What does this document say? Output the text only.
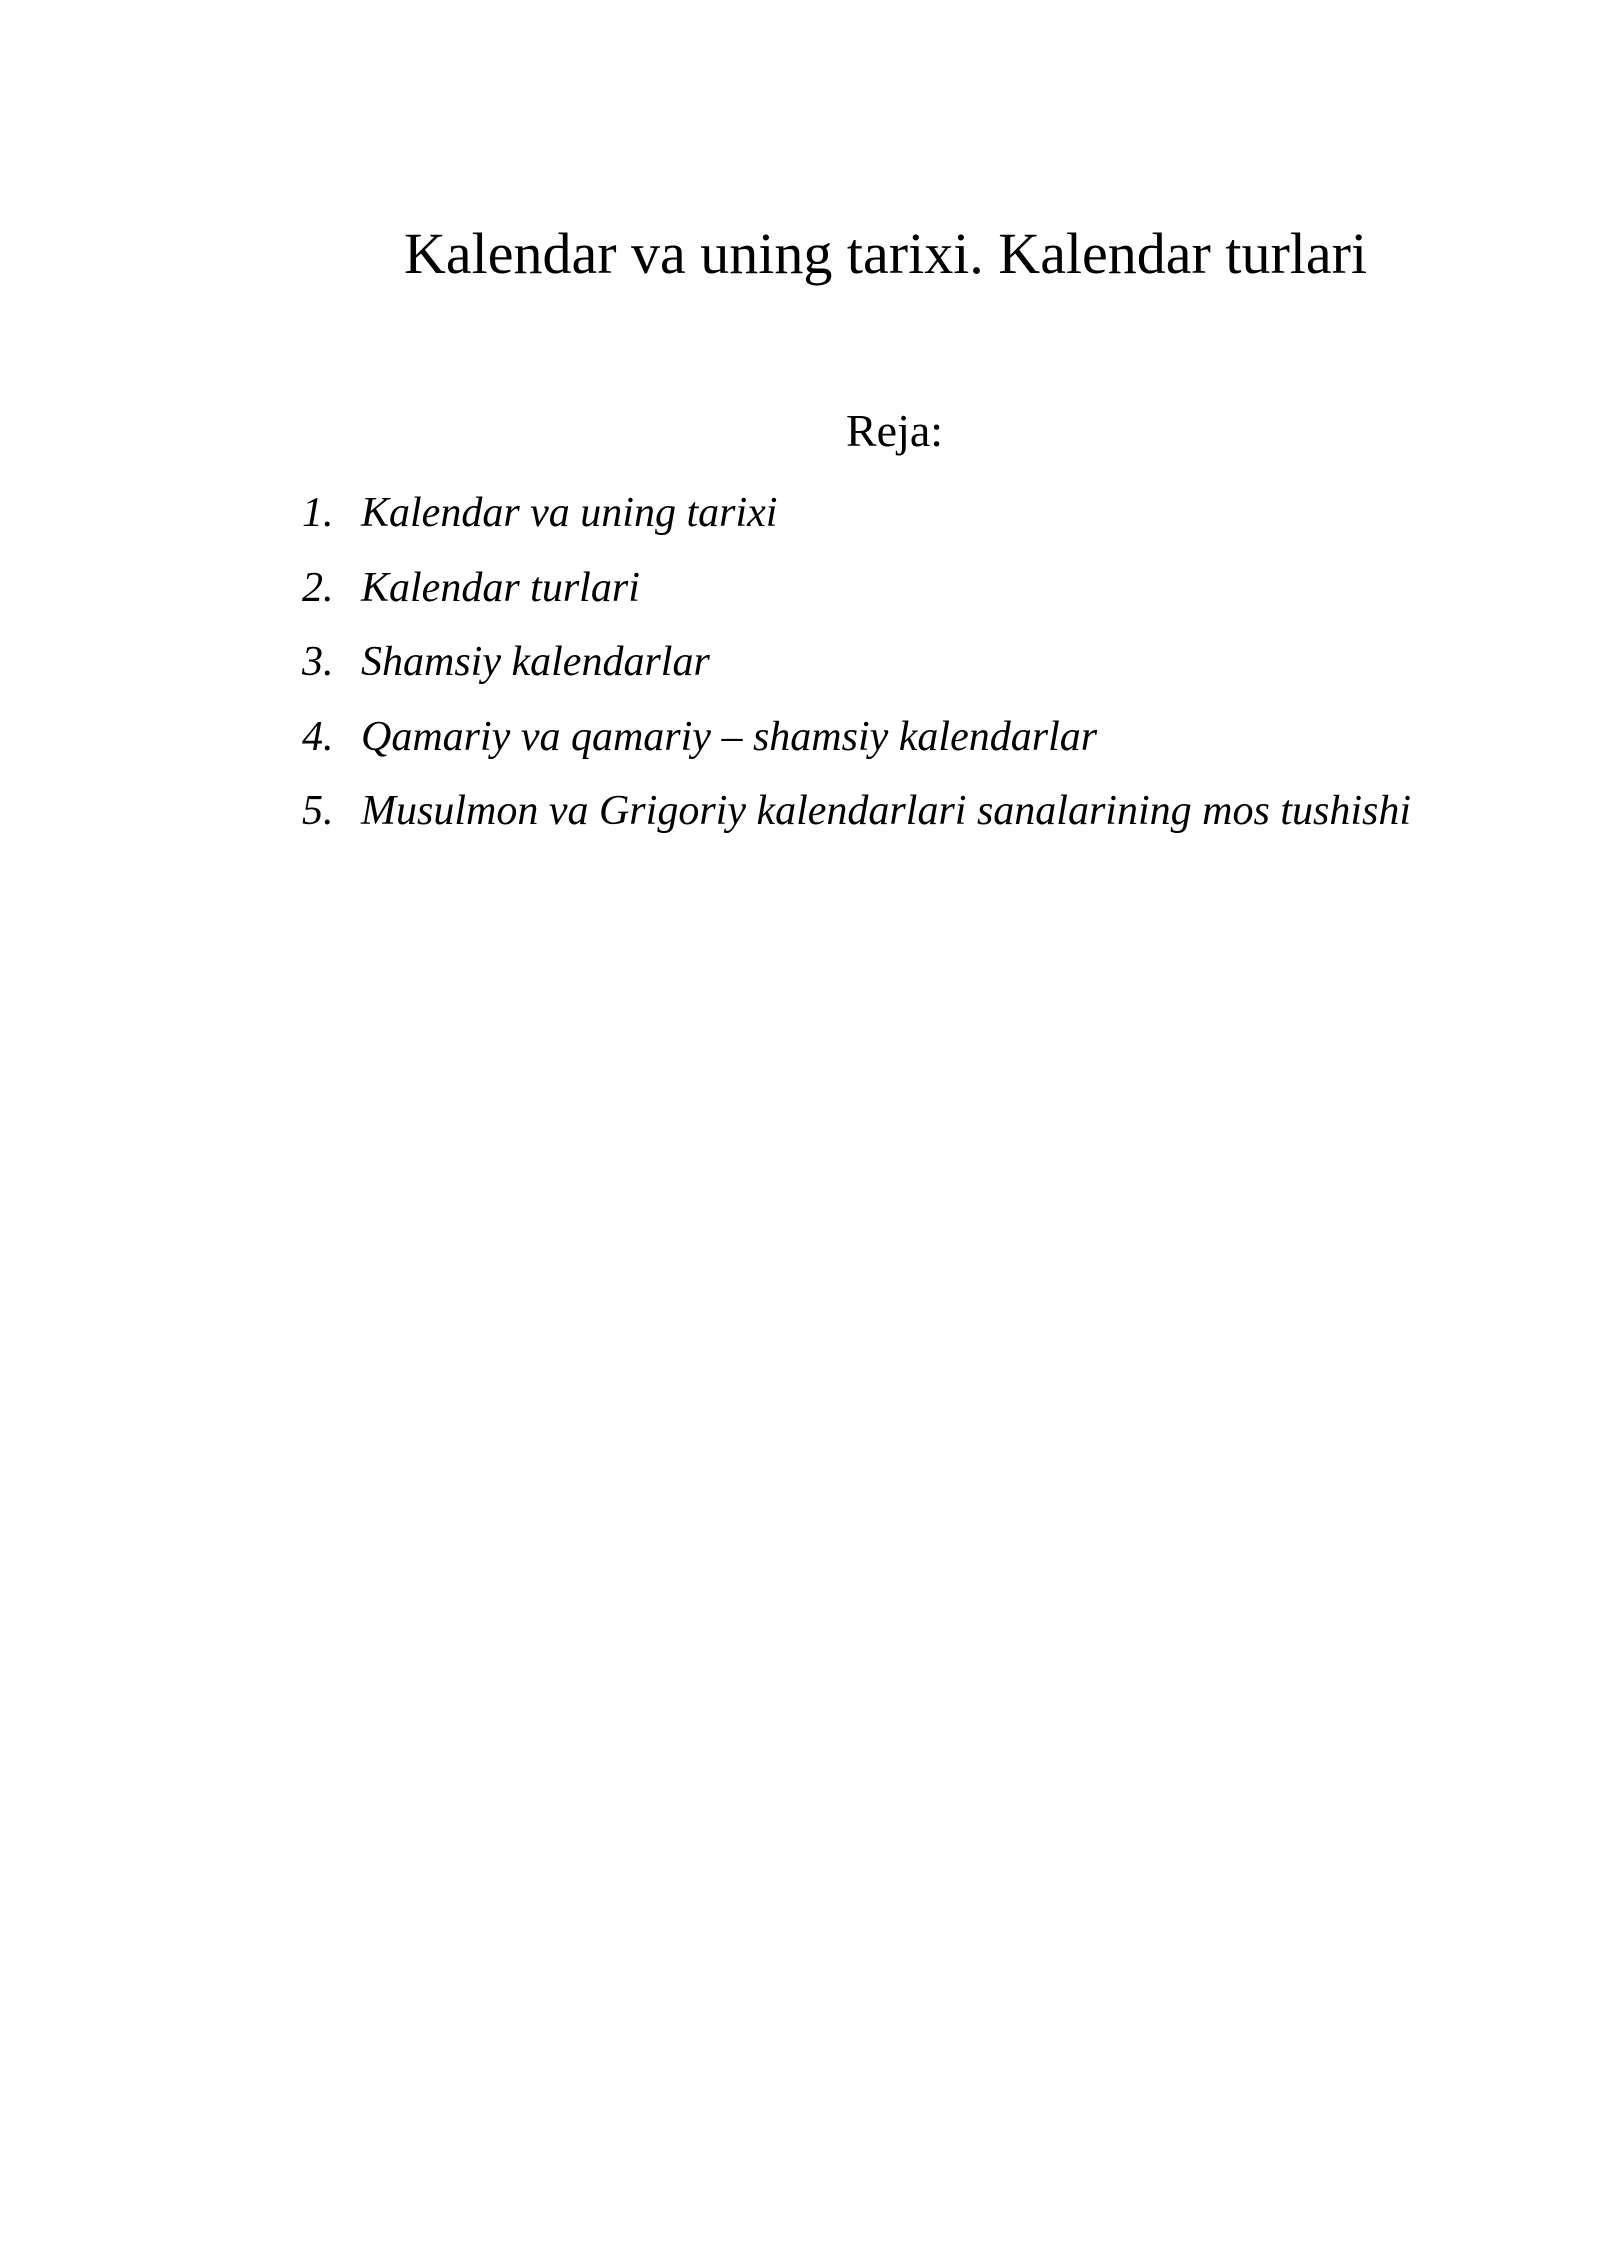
Kalendar va uning tarixi. Kalendar turlari
Reja:
1. Kalendar va uning tarixi
2. Kalendar turlari
3. Shamsiy kalendarlar
4. Qamariy va qamariy – shamsiy kalendarlar
5. Musulmon va Grigoriy kalendarlari sanalarining mos tushishi
